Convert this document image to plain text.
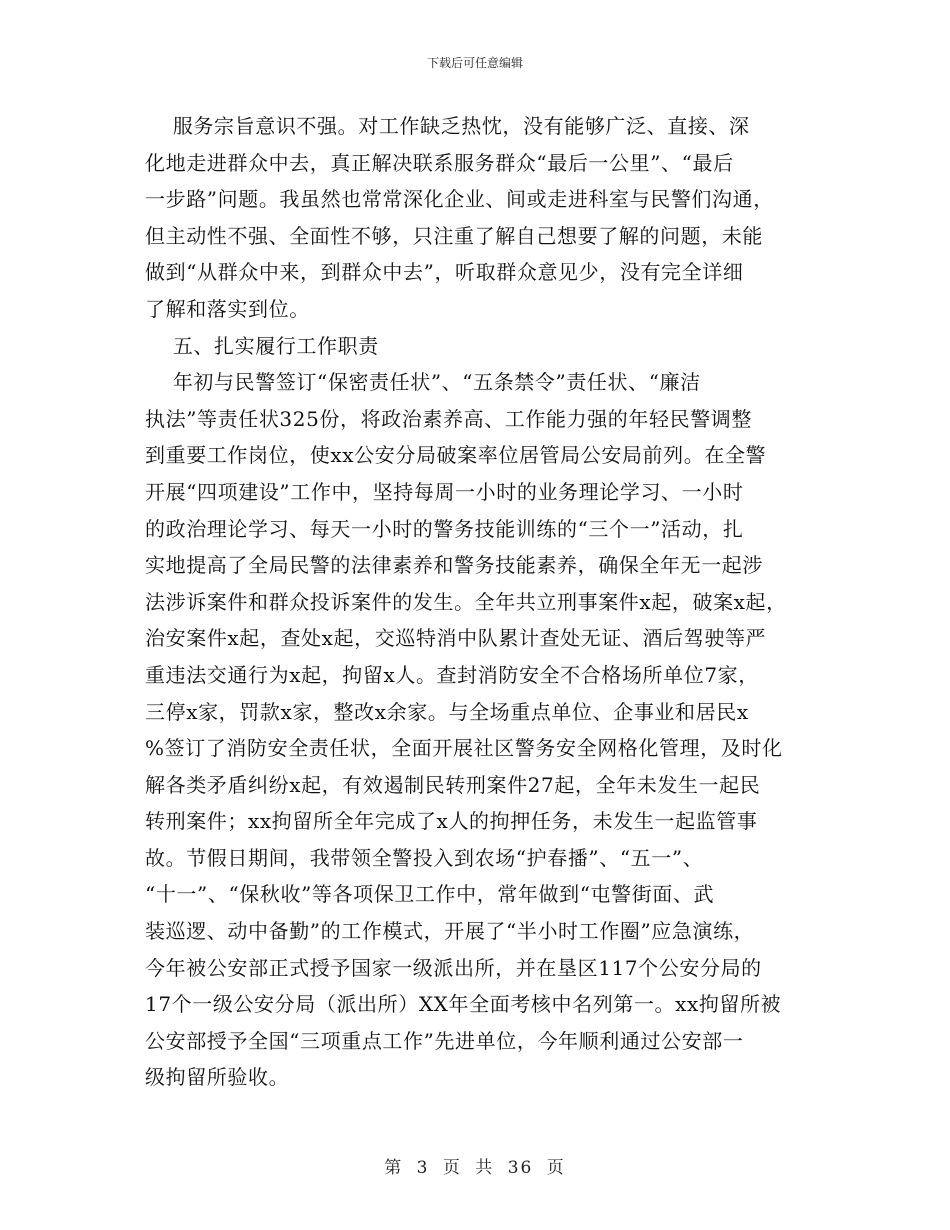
下载后可任意编辑
服务宗旨意识不强。对工作缺乏热忱，没有能够广泛、直接、深
化地走进群众中去，真正解决联系服务群众“最后一公里”、“最后
一步路”问题。我虽然也常常深化企业、间或走进科室与民警们沟通，
但主动性不强、全面性不够，只注重了解自己想要了解的问题，未能
做到“从群众中来，到群众中去”，听取群众意见少，没有完全详细
了解和落实到位。
五、扎实履行工作职责
年初与民警签订“保密责任状”、“五条禁令”责任状、“廉洁
执法”等责任状325份，将政治素养高、工作能力强的年轻民警调整
到重要工作岗位，使xx公安分局破案率位居管局公安局前列。在全警
开展“四项建设”工作中，坚持每周一小时的业务理论学习、一小时
的政治理论学习、每天一小时的警务技能训练的“三个一”活动，扎
实地提高了全局民警的法律素养和警务技能素养，确保全年无一起涉
法涉诉案件和群众投诉案件的发生。全年共立刑事案件x起，破案x起，
治安案件x起，查处x起，交巡特消中队累计查处无证、酒后驾驶等严
重违法交通行为x起，拘留x人。查封消防安全不合格场所单位7家，
三停x家，罚款x家，整改x余家。与全场重点单位、企事业和居民x
%签订了消防安全责任状，全面开展社区警务安全网格化管理，及时化
解各类矛盾纠纷x起，有效遏制民转刑案件27起，全年未发生一起民
转刑案件；xx拘留所全年完成了x人的拘押任务，未发生一起监管事
故。节假日期间，我带领全警投入到农场“护春播”、“五一”、
“十一”、“保秋收”等各项保卫工作中，常年做到“屯警街面、武
装巡逻、动中备勤”的工作模式，开展了“半小时工作圈”应急演练，
今年被公安部正式授予国家一级派出所，并在垦区117个公安分局的
17个一级公安分局（派出所）XX年全面考核中名列第一。xx拘留所被
公安部授予全国“三项重点工作”先进单位，今年顺利通过公安部一
级拘留所验收。
第 3 页 共 36 页
